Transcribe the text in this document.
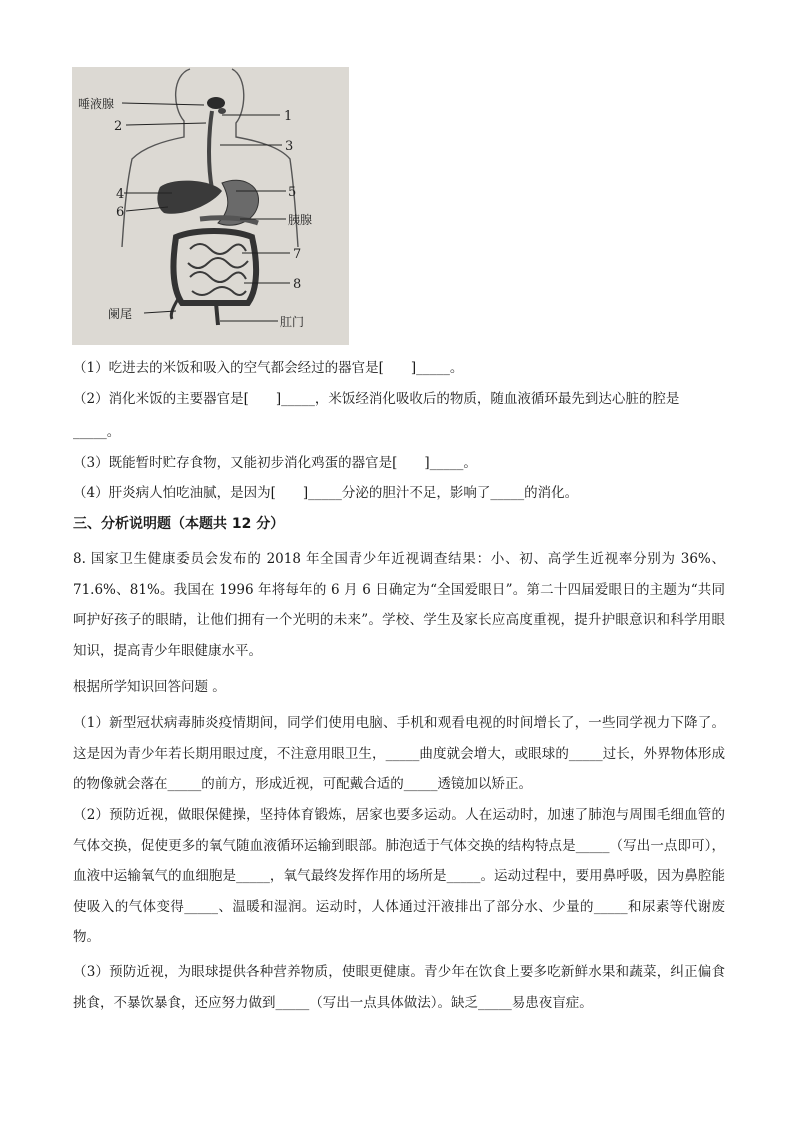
唾液腺
2
1
3
4	5
6	胰腺
7
8
阑尾
肛门
（1）吃进去的米饭和吸入的空气都会经过的器官是[　　]_____。
（2）消化米饭的主要器官是[　　]_____，米饭经消化吸收后的物质，随血液循环最先到达心脏的腔是
_____。
（3）既能暂时贮存食物，又能初步消化鸡蛋的器官是[　　]_____。
（4）肝炎病人怕吃油腻，是因为[　　]_____分泌的胆汁不足，影响了_____的消化。
三、分析说明题（本题共 12 分）
8. 国家卫生健康委员会发布的 2018 年全国青少年近视调查结果：小、初、高学生近视率分别为 36%、71.6%、81%。我国在 1996 年将每年的 6 月 6 日确定为“全国爱眼日”。第二十四届爱眼日的主题为“共同呵护好孩子的眼睛，让他们拥有一个光明的未来”。学校、学生及家长应高度重视，提升护眼意识和科学用眼知识，提高青少年眼健康水平。
根据所学知识回答问题 。
（1）新型冠状病毒肺炎疫情期间，同学们使用电脑、手机和观看电视的时间增长了，一些同学视力下降了。这是因为青少年若长期用眼过度，不注意用眼卫生，_____曲度就会增大，或眼球的_____过长，外界物体形成的物像就会落在_____的前方，形成近视，可配戴合适的_____透镜加以矫正。
（2）预防近视，做眼保健操，坚持体育锻炼，居家也要多运动。人在运动时，加速了肺泡与周围毛细血管的气体交换，促使更多的氧气随血液循环运输到眼部。肺泡适于气体交换的结构特点是_____（写出一点即可），血液中运输氧气的血细胞是_____，氧气最终发挥作用的场所是_____。运动过程中，要用鼻呼吸，因为鼻腔能使吸入的气体变得_____、温暖和湿润。运动时，人体通过汗液排出了部分水、少量的_____和尿素等代谢废物。
（3）预防近视，为眼球提供各种营养物质，使眼更健康。青少年在饮食上要多吃新鲜水果和蔬菜，纠正偏食挑食，不暴饮暴食，还应努力做到_____（写出一点具体做法）。缺乏_____易患夜盲症。
